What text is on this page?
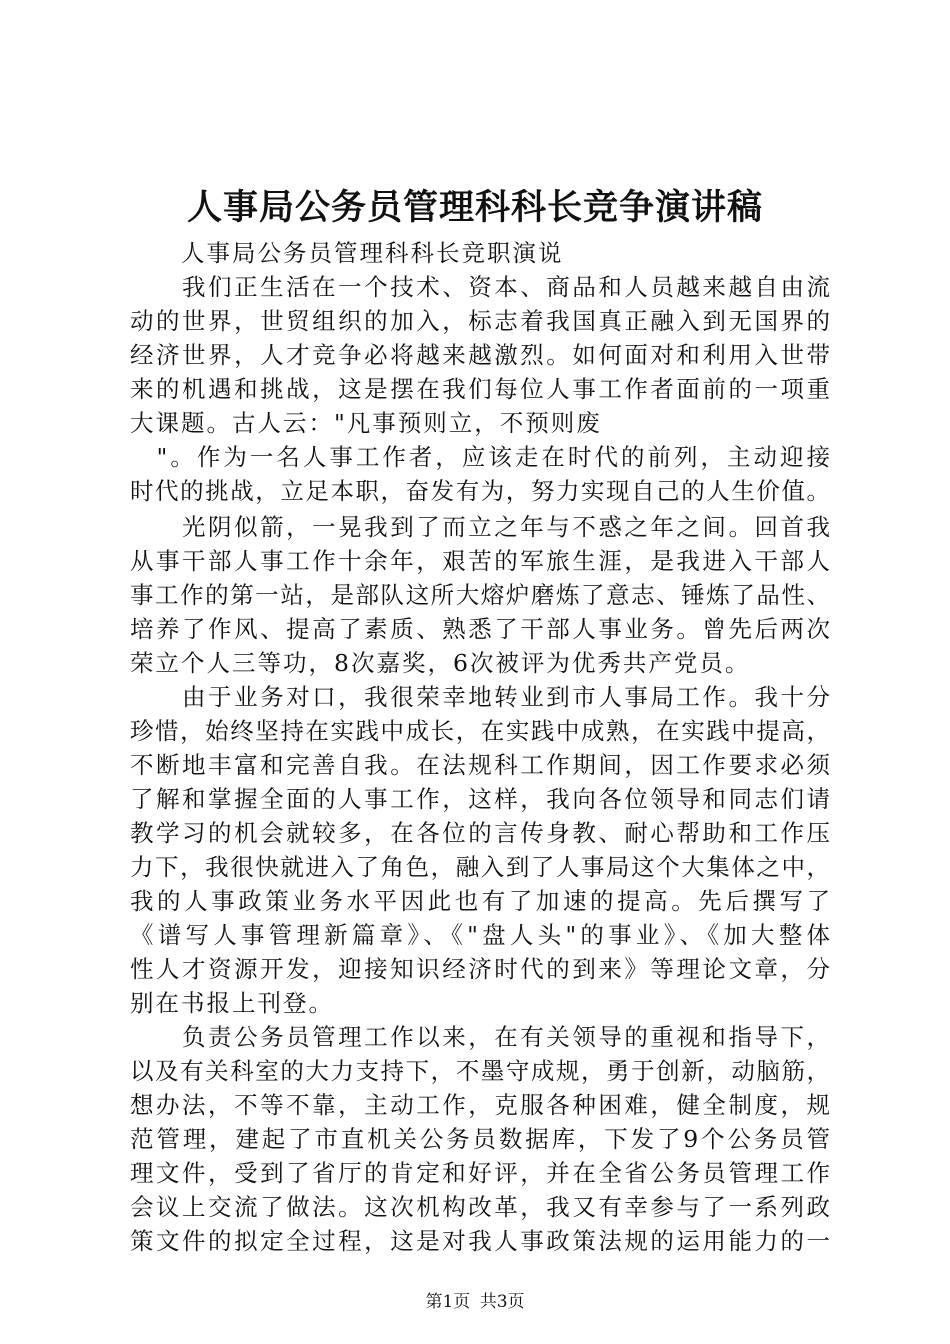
人事局公务员管理科科长竞争演讲稿
　　人事局公务员管理科科长竞职演说
　　我们正生活在一个技术、资本、商品和人员越来越自由流
动的世界，世贸组织的加入，标志着我国真正融入到无国界的
经济世界，人才竞争必将越来越激烈。如何面对和利用入世带
来的机遇和挑战，这是摆在我们每位人事工作者面前的一项重
大课题。古人云："凡事预则立，不预则废
　"。作为一名人事工作者，应该走在时代的前列，主动迎接
时代的挑战，立足本职，奋发有为，努力实现自己的人生价值。
　　光阴似箭，一晃我到了而立之年与不惑之年之间。回首我
从事干部人事工作十余年，艰苦的军旅生涯，是我进入干部人
事工作的第一站，是部队这所大熔炉磨炼了意志、锤炼了品性、
培养了作风、提高了素质、熟悉了干部人事业务。曾先后两次
荣立个人三等功，8次嘉奖，6次被评为优秀共产党员。
　　由于业务对口，我很荣幸地转业到市人事局工作。我十分
珍惜，始终坚持在实践中成长，在实践中成熟，在实践中提高，
不断地丰富和完善自我。在法规科工作期间，因工作要求必须
了解和掌握全面的人事工作，这样，我向各位领导和同志们请
教学习的机会就较多，在各位的言传身教、耐心帮助和工作压
力下，我很快就进入了角色，融入到了人事局这个大集体之中，
我的人事政策业务水平因此也有了加速的提高。先后撰写了
《谱写人事管理新篇章》、《"盘人头"的事业》、《加大整体
性人才资源开发，迎接知识经济时代的到来》等理论文章，分
别在书报上刊登。
　　负责公务员管理工作以来，在有关领导的重视和指导下，
以及有关科室的大力支持下，不墨守成规，勇于创新，动脑筋，
想办法，不等不靠，主动工作，克服各种困难，健全制度，规
范管理，建起了市直机关公务员数据库，下发了9个公务员管
理文件，受到了省厅的肯定和好评，并在全省公务员管理工作
会议上交流了做法。这次机构改革，我又有幸参与了一系列政
策文件的拟定全过程，这是对我人事政策法规的运用能力的一
第1页 共3页
